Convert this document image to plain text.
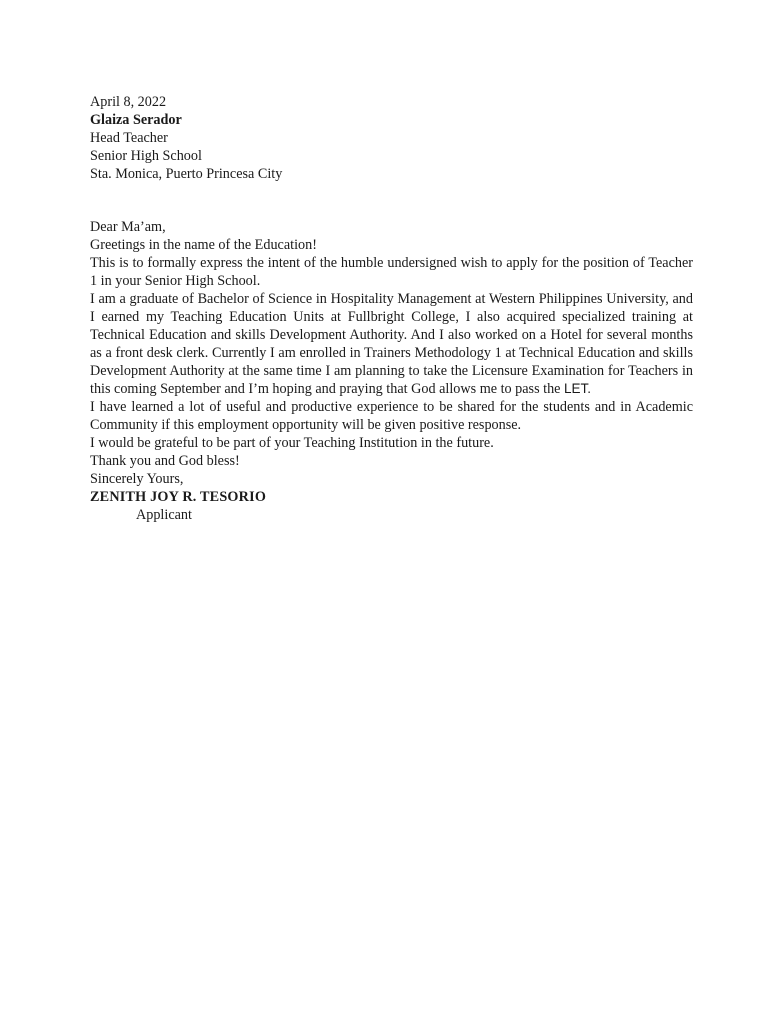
April 8, 2022

Glaiza Serador

Head Teacher

Senior High School

Sta. Monica, Puerto Princesa City

Dear Ma’am,

Greetings in the name of the Education!

This is to formally express the intent of the humble undersigned wish to apply for the position of Teacher 1 in your Senior High School.

I am a graduate of Bachelor of Science in Hospitality Management at Western Philippines University, and I earned my Teaching Education Units at Fullbright College, I also acquired specialized training at Technical Education and skills Development Authority. And I also worked on a Hotel for several months as a front desk clerk. Currently I am enrolled in Trainers Methodology 1 at Technical Education and skills Development Authority at the same time I am planning to take the Licensure Examination for Teachers in this coming September and I’m hoping and praying that God allows me to pass the LET.

I have learned a lot of useful and productive experience to be shared for the students and in Academic Community if this employment opportunity will be given positive response.

I would be grateful to be part of your Teaching Institution in the future.

Thank you and God bless!

Sincerely Yours,

ZENITH JOY R. TESORIO

Applicant
